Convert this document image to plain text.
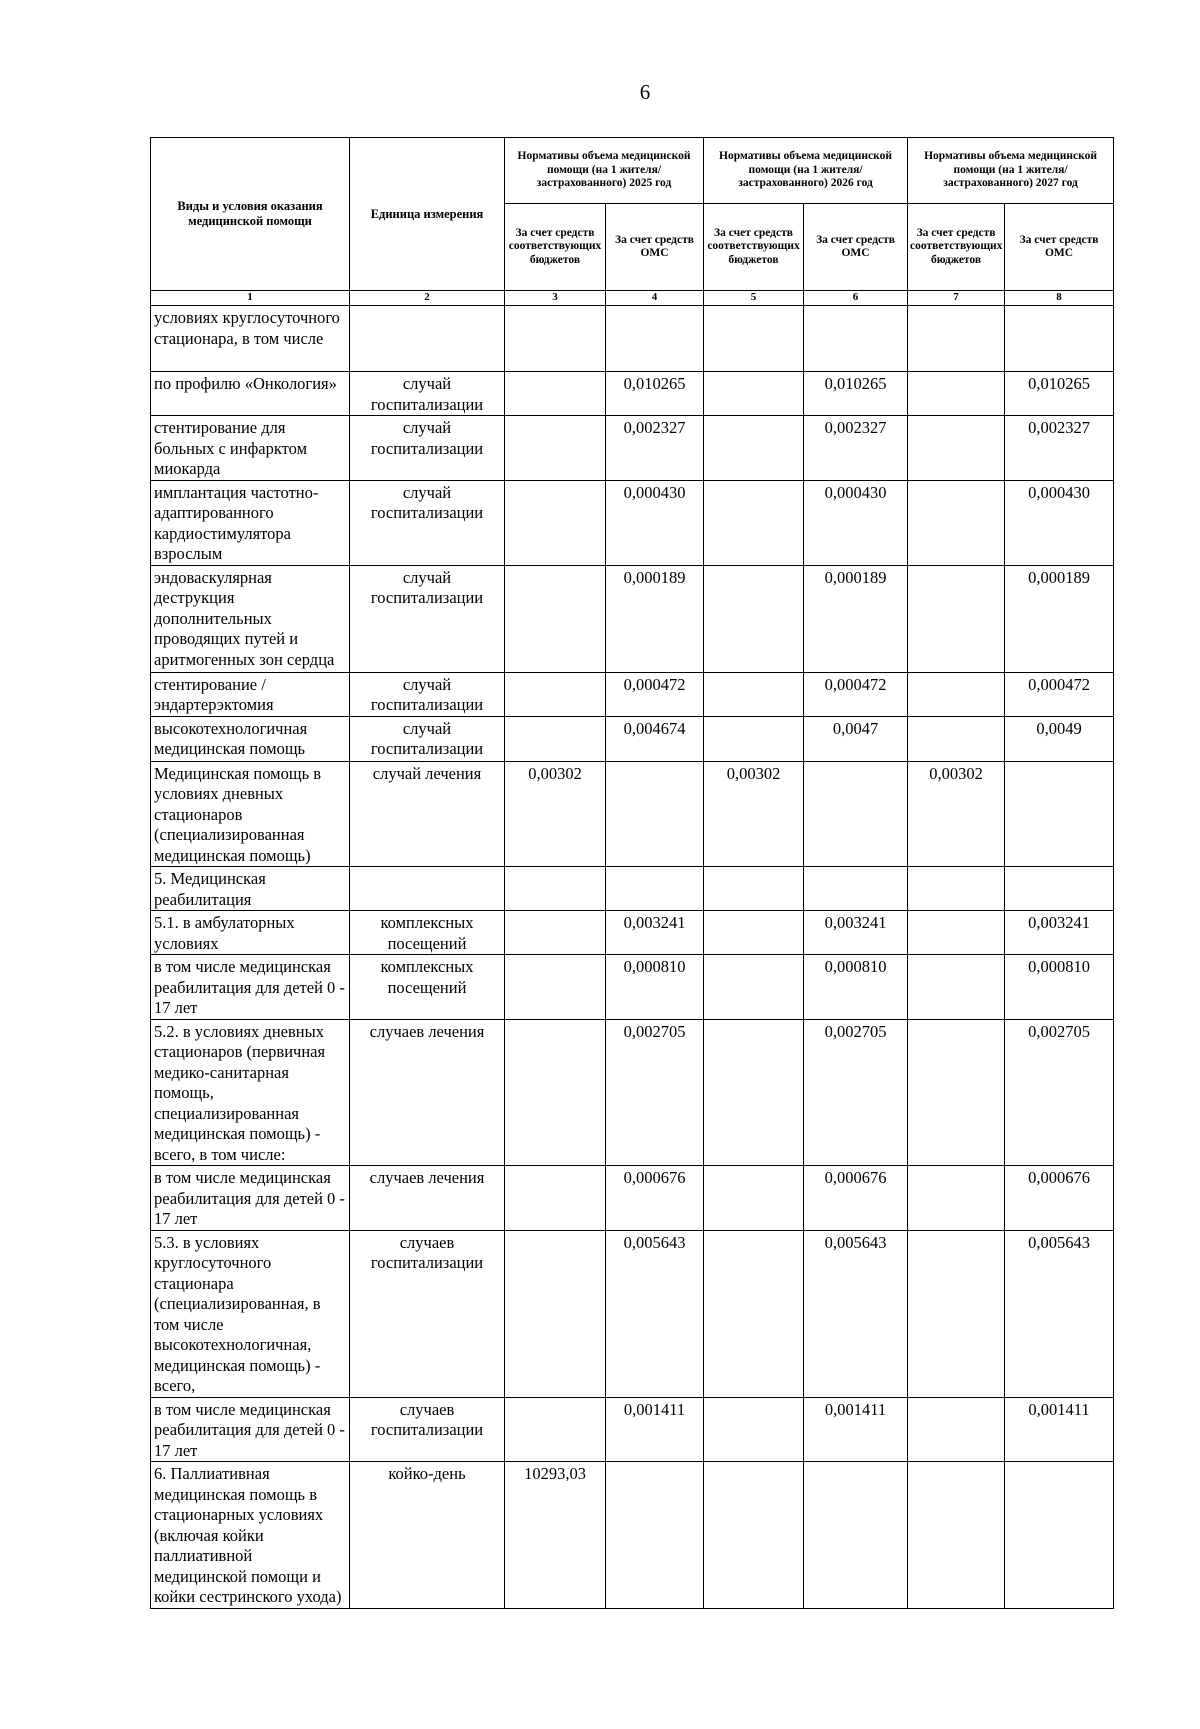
6
Виды и условия оказания медицинской помощи	Единица измерения	Нормативы объема медицинской помощи (на 1 жителя/ застрахованного) 2025 год		Нормативы объема медицинской помощи (на 1 жителя/ застрахованного) 2026 год		Нормативы объема медицинской помощи (на 1 жителя/ застрахованного) 2027 год	
		За счет средств соответствующих бюджетов	За счет средств ОМС	За счет средств соответствующих бюджетов	За счет средств ОМС	За счет средств соответствующих бюджетов	За счет средств ОМС
1	2	3	4	5	6	7	8
условиях круглосуточного стационара, в том числе							
по профилю «Онкология»	случай госпитализации		0,010265		0,010265		0,010265
стентирование для больных с инфарктом миокарда	случай госпитализации		0,002327		0,002327		0,002327
имплантация частотно-адаптированного кардиостимулятора взрослым	случай госпитализации		0,000430		0,000430		0,000430
эндоваскулярная деструкция дополнительных проводящих путей и аритмогенных зон сердца	случай госпитализации		0,000189		0,000189		0,000189
стентирование / эндартерэктомия	случай госпитализации		0,000472		0,000472		0,000472
высокотехнологичная медицинская помощь	случай госпитализации		0,004674		0,0047		0,0049
Медицинская помощь в условиях дневных стационаров (специализированная медицинская помощь)	случай лечения	0,00302		0,00302		0,00302	
5. Медицинская реабилитация							
5.1. в амбулаторных условиях	комплексных посещений		0,003241		0,003241		0,003241
в том числе медицинская реабилитация для детей 0 - 17 лет	комплексных посещений		0,000810		0,000810		0,000810
5.2. в условиях дневных стационаров (первичная медико-санитарная помощь, специализированная медицинская помощь) - всего, в том числе:	случаев лечения		0,002705		0,002705		0,002705
в том числе медицинская реабилитация для детей 0 - 17 лет	случаев лечения		0,000676		0,000676		0,000676
5.3. в условиях круглосуточного стационара (специализированная, в том числе высокотехнологичная, медицинская помощь) - всего,	случаев госпитализации		0,005643		0,005643		0,005643
в том числе медицинская реабилитация для детей 0 - 17 лет	случаев госпитализации		0,001411		0,001411		0,001411
6. Паллиативная медицинская помощь в стационарных условиях (включая койки паллиативной медицинской помощи и койки сестринского ухода)	койко-день	10293,03					
